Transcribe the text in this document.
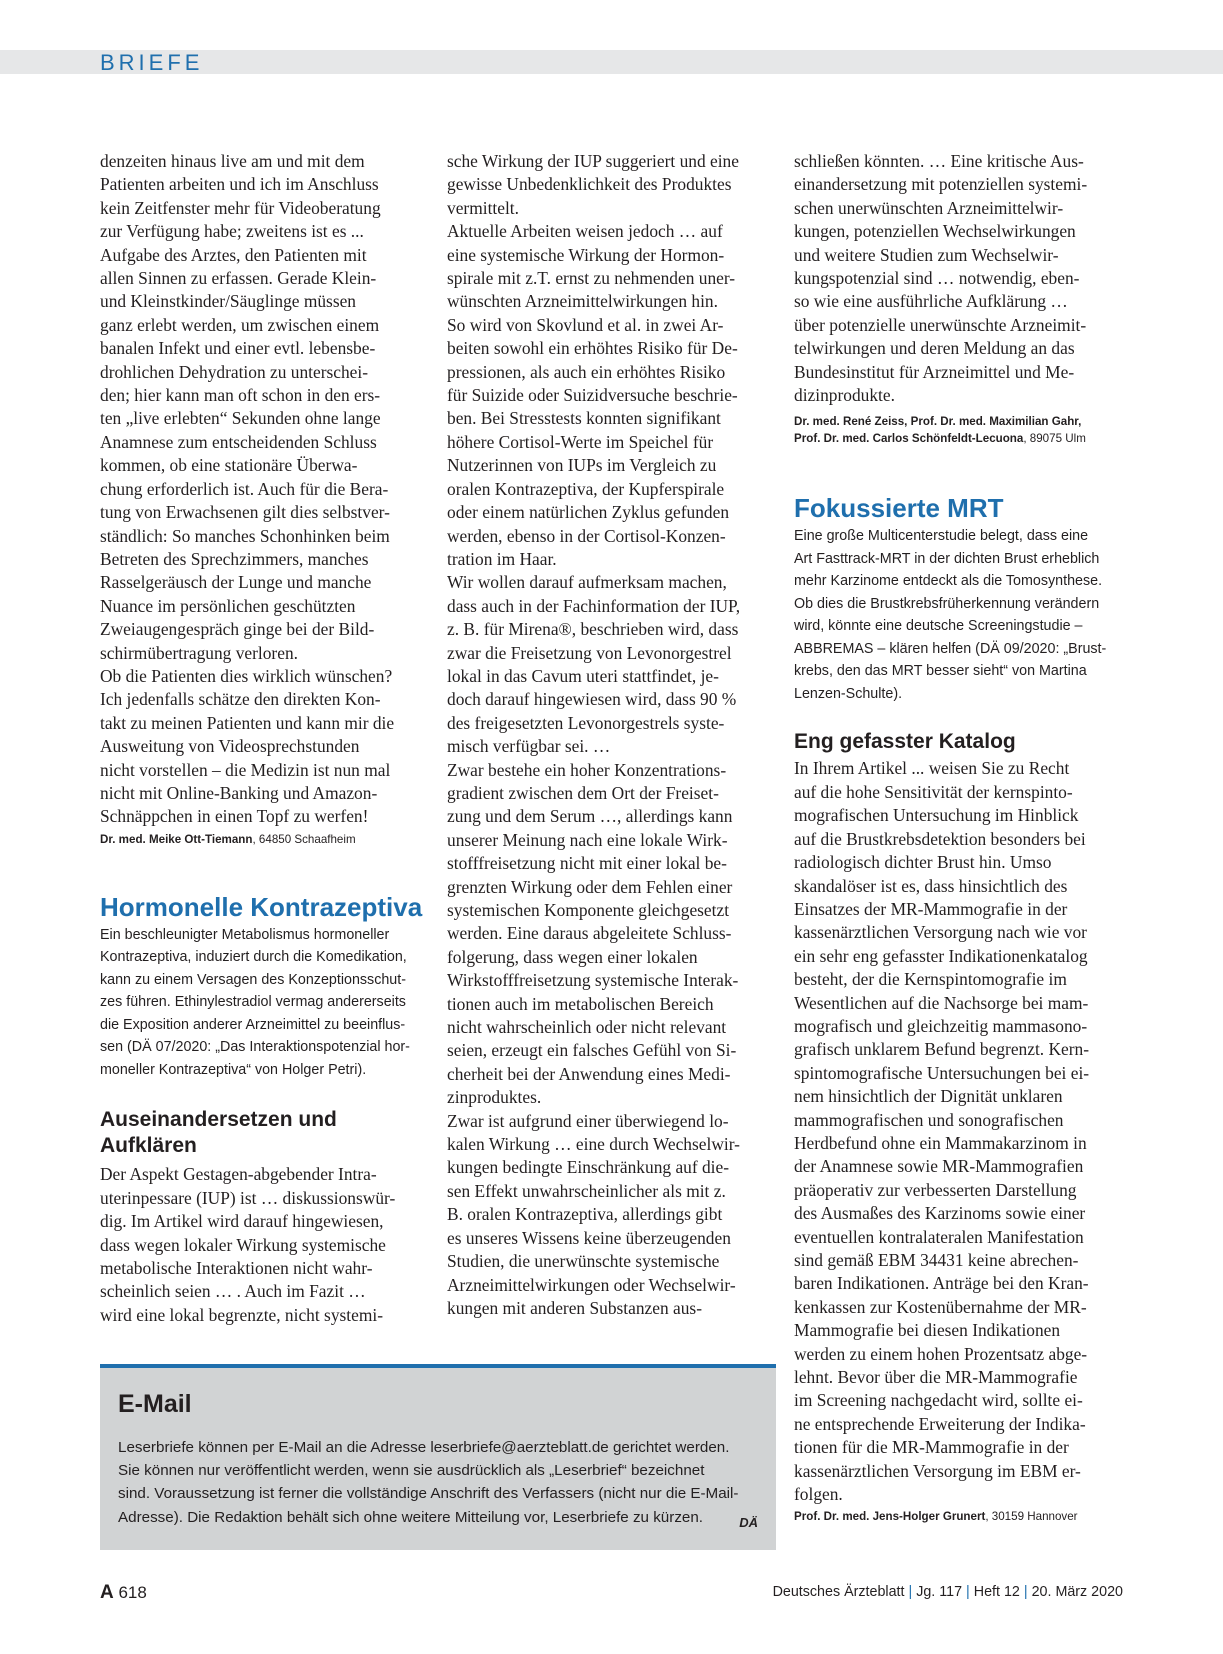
BRIEFE

denzeiten hinaus live am und mit dem

Patienten arbeiten und ich im Anschluss

kein Zeitfenster mehr für Videoberatung

zur Verfügung habe; zweitens ist es ...

Aufgabe des Arztes, den Patienten mit

allen Sinnen zu erfassen. Gerade Klein-

und Kleinstkinder/Säuglinge müssen

ganz erlebt werden, um zwischen einem

banalen Infekt und einer evtl. lebensbe-

drohlichen Dehydration zu unterschei-

den; hier kann man oft schon in den ers-

ten „live erlebten“ Sekunden ohne lange

Anamnese zum entscheidenden Schluss

kommen, ob eine stationäre Überwa-

chung erforderlich ist. Auch für die Bera-

tung von Erwachsenen gilt dies selbstver-

ständlich: So manches Schonhinken beim

Betreten des Sprechzimmers, manches

Rasselgeräusch der Lunge und manche

Nuance im persönlichen geschützten

Zweiaugengespräch ginge bei der Bild-

schirmübertragung verloren.

Ob die Patienten dies wirklich wünschen?

Ich jedenfalls schätze den direkten Kon-

takt zu meinen Patienten und kann mir die

Ausweitung von Videosprechstunden

nicht vorstellen – die Medizin ist nun mal

nicht mit Online-Banking und Amazon-

Schnäppchen in einen Topf zu werfen!

Dr. med. Meike Ott-Tiemann, 64850 Schaafheim

Hormonelle Kontrazeptiva

Ein beschleunigter Metabolismus hormoneller

Kontrazeptiva, induziert durch die Komedikation,

kann zu einem Versagen des Konzeptionsschut-

zes führen. Ethinylestradiol vermag andererseits

die Exposition anderer Arzneimittel zu beeinflus-

sen (DÄ 07/2020: „Das Interaktionspotenzial hor-

moneller Kontrazeptiva“ von Holger Petri).

Auseinandersetzen und Aufklären

Der Aspekt Gestagen-abgebender Intra-

uterinpessare (IUP) ist … diskussionswür-

dig. Im Artikel wird darauf hingewiesen,

dass wegen lokaler Wirkung systemische

metabolische Interaktionen nicht wahr-

scheinlich seien … . Auch im Fazit …

wird eine lokal begrenzte, nicht systemi-

sche Wirkung der IUP suggeriert und eine

gewisse Unbedenklichkeit des Produktes

vermittelt.

Aktuelle Arbeiten weisen jedoch … auf

eine systemische Wirkung der Hormon-

spirale mit z.T. ernst zu nehmenden uner-

wünschten Arzneimittelwirkungen hin.

So wird von Skovlund et al. in zwei Ar-

beiten sowohl ein erhöhtes Risiko für De-

pressionen, als auch ein erhöhtes Risiko

für Suizide oder Suizidversuche beschrie-

ben. Bei Stresstests konnten signifikant

höhere Cortisol-Werte im Speichel für

Nutzerinnen von IUPs im Vergleich zu

oralen Kontrazeptiva, der Kupferspirale

oder einem natürlichen Zyklus gefunden

werden, ebenso in der Cortisol-Konzen-

tration im Haar.

Wir wollen darauf aufmerksam machen,

dass auch in der Fachinformation der IUP,

z. B. für Mirena®, beschrieben wird, dass

zwar die Freisetzung von Levonorgestrel

lokal in das Cavum uteri stattfindet, je-

doch darauf hingewiesen wird, dass 90 %

des freigesetzten Levonorgestrels syste-

misch verfügbar sei. …

Zwar bestehe ein hoher Konzentrations-

gradient zwischen dem Ort der Freiset-

zung und dem Serum …, allerdings kann

unserer Meinung nach eine lokale Wirk-

stofffreisetzung nicht mit einer lokal be-

grenzten Wirkung oder dem Fehlen einer

systemischen Komponente gleichgesetzt

werden. Eine daraus abgeleitete Schluss-

folgerung, dass wegen einer lokalen

Wirkstofffreisetzung systemische Interak-

tionen auch im metabolischen Bereich

nicht wahrscheinlich oder nicht relevant

seien, erzeugt ein falsches Gefühl von Si-

cherheit bei der Anwendung eines Medi-

zinproduktes.

Zwar ist aufgrund einer überwiegend lo-

kalen Wirkung … eine durch Wechselwir-

kungen bedingte Einschränkung auf die-

sen Effekt unwahrscheinlicher als mit z.

B. oralen Kontrazeptiva, allerdings gibt

es unseres Wissens keine überzeugenden

Studien, die unerwünschte systemische

Arzneimittelwirkungen oder Wechselwir-

kungen mit anderen Substanzen aus-

schließen könnten. … Eine kritische Aus-

einandersetzung mit potenziellen systemi-

schen unerwünschten Arzneimittelwir-

kungen, potenziellen Wechselwirkungen

und weitere Studien zum Wechselwir-

kungspotenzial sind … notwendig, eben-

so wie eine ausführliche Aufklärung …

über potenzielle unerwünschte Arzneimit-

telwirkungen und deren Meldung an das

Bundesinstitut für Arzneimittel und Me-

dizinprodukte.

Dr. med. René Zeiss, Prof. Dr. med. Maximilian Gahr,
Prof. Dr. med. Carlos Schönfeldt-Lecuona, 89075 Ulm

Fokussierte MRT

Eine große Multicenterstudie belegt, dass eine

Art Fasttrack-MRT in der dichten Brust erheblich

mehr Karzinome entdeckt als die Tomosynthese.

Ob dies die Brustkrebsfrüherkennung verändern

wird, könnte eine deutsche Screeningstudie –

ABBREMAS – klären helfen (DÄ 09/2020: „Brust-

krebs, den das MRT besser sieht“ von Martina

Lenzen-Schulte).

Eng gefasster Katalog

In Ihrem Artikel ... weisen Sie zu Recht

auf die hohe Sensitivität der kernspinto-

mografischen Untersuchung im Hinblick

auf die Brustkrebsdetektion besonders bei

radiologisch dichter Brust hin. Umso

skandalöser ist es, dass hinsichtlich des

Einsatzes der MR-Mammografie in der

kassenärztlichen Versorgung nach wie vor

ein sehr eng gefasster Indikationenkatalog

besteht, der die Kernspintomografie im

Wesentlichen auf die Nachsorge bei mam-

mografisch und gleichzeitig mammasono-

grafisch unklarem Befund begrenzt. Kern-

spintomografische Untersuchungen bei ei-

nem hinsichtlich der Dignität unklaren

mammografischen und sonografischen

Herdbefund ohne ein Mammakarzinom in

der Anamnese sowie MR-Mammografien

präoperativ zur verbesserten Darstellung

des Ausmaßes des Karzinoms sowie einer

eventuellen kontralateralen Manifestation

sind gemäß EBM 34431 keine abrechen-

baren Indikationen. Anträge bei den Kran-

kenkassen zur Kostenübernahme der MR-

Mammografie bei diesen Indikationen

werden zu einem hohen Prozentsatz abge-

lehnt. Bevor über die MR-Mammografie

im Screening nachgedacht wird, sollte ei-

ne entsprechende Erweiterung der Indika-

tionen für die MR-Mammografie in der

kassenärztlichen Versorgung im EBM er-

folgen.

Prof. Dr. med. Jens-Holger Grunert, 30159 Hannover

E-Mail
Leserbriefe können per E-Mail an die Adresse leserbriefe@aerzteblatt.de gerichtet werden.
Sie können nur veröffentlicht werden, wenn sie ausdrücklich als „Leserbrief“ bezeichnet
sind. Voraussetzung ist ferner die vollständige Anschrift des Verfassers (nicht nur die E-Mail-
Adresse). Die Redaktion behält sich ohne weitere Mitteilung vor, Leserbriefe zu kürzen.	DÄ
A 618	Deutsches Ärzteblatt | Jg. 117 | Heft 12 | 20. März 2020
